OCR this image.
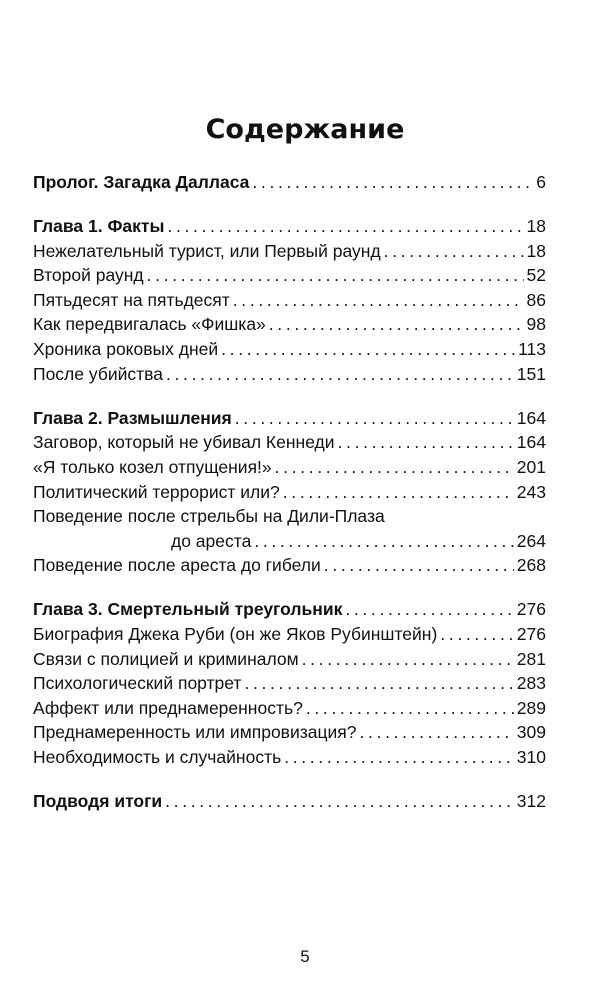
Содержание
Пролог. Загадка Далласа . . .	6
Глава 1. Факты . . .	18
Нежелательный турист, или Первый раунд . . .	18
Второй раунд . . .	52
Пятьдесят на пятьдесят . . .	86
Как передвигалась «Фишка» . . .	98
Хроника роковых дней . . .	113
После убийства . . .	151
Глава 2. Размышления . . .	164
Заговор, который не убивал Кеннеди . . .	164
«Я только козел отпущения!» . . .	201
Политический террорист или? . . .	243
Поведение после стрельбы на Дили-Плаза
до ареста . . .	264
Поведение после ареста до гибели . . .	268
Глава 3. Смертельный треугольник . . .	276
Биография Джека Руби (он же Яков Рубинштейн) . . .	276
Связи с полицией и криминалом . . .	281
Психологический портрет . . .	283
Аффект или преднамеренность? . . .	289
Преднамеренность или импровизация? . . .	309
Необходимость и случайность . . .	310
Подводя итоги . . .	312
5
